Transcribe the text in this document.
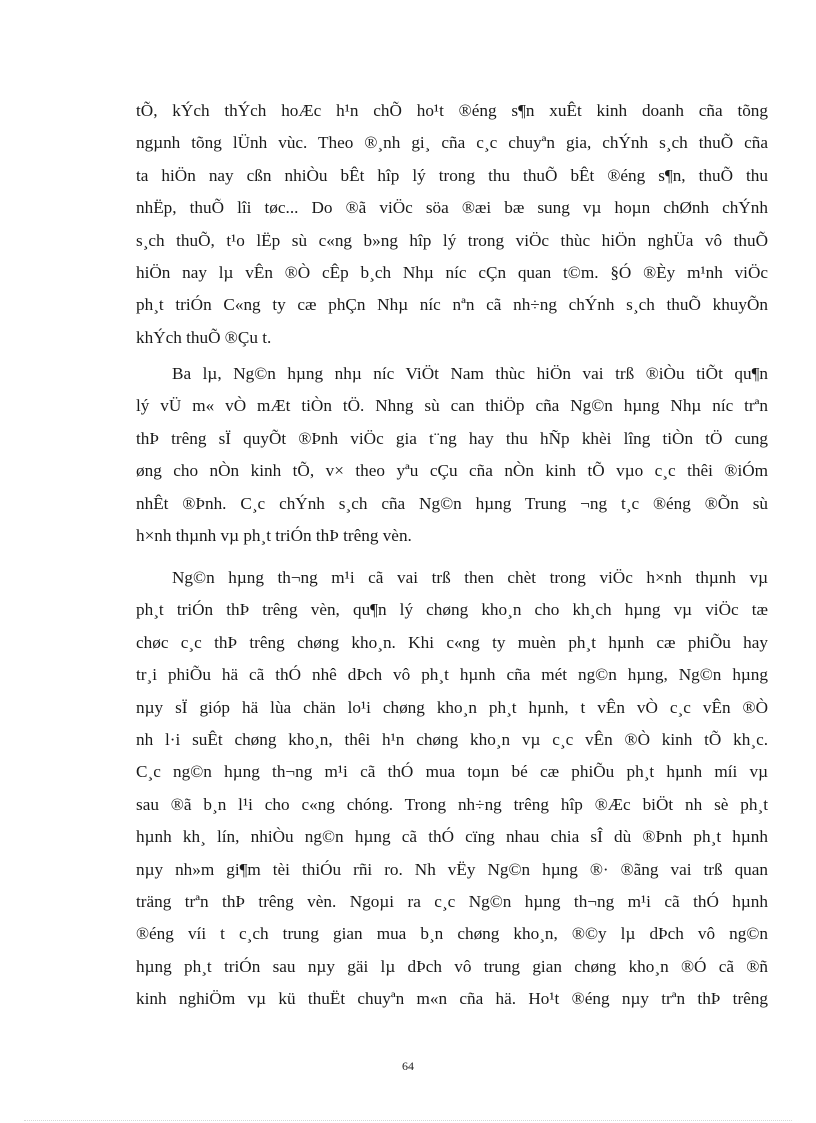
tÕ, kÝch thÝch hoÆc h¹n chÕ ho¹t ®éng s¶n xuÊt kinh doanh cña tõng
ngµnh tõng lÜnh vùc. Theo ®¸nh gi¸ cña c¸c chuyªn gia, chÝnh s¸ch thuÕ cña
ta hiÖn nay cßn nhiÒu bÊt hîp lý trong thu thuÕ bÊt ®éng s¶n, thuÕ thu
nhËp, thuÕ lîi tøc... Do ®ã viÖc söa ®æi bæ sung vµ hoµn chØnh chÝnh
s¸ch thuÕ, t¹o lËp sù c«ng b»ng hîp lý trong viÖc thùc hiÖn nghÜa vô thuÕ
hiÖn nay lµ vÊn ®Ò cÊp b¸ch Nhµ níc cÇn quan t©m. §Ó ®Èy m¹nh viÖc
ph¸t triÓn C«ng ty cæ phÇn Nhµ níc nªn cã nh÷ng chÝnh s¸ch thuÕ khuyÕn
khÝch thuÕ ®Çu t.
Ba lµ, Ng©n hµng nhµ níc ViÖt Nam thùc hiÖn vai trß ®iÒu tiÕt qu¶n
lý vÜ m« vÒ mÆt tiÒn tÖ. Nhng sù can thiÖp cña Ng©n hµng Nhµ níc trªn
thÞ trêng sÏ quyÕt ®Þnh viÖc gia t¨ng hay thu hÑp khèi lîng tiÒn tÖ cung
øng cho nÒn kinh tÕ, v× theo yªu cÇu cña nÒn kinh tÕ vµo c¸c thêi ®iÓm
nhÊt ®Þnh. C¸c chÝnh s¸ch cña Ng©n hµng Trung ¬ng t¸c ®éng ®Õn sù
h×nh thµnh vµ ph¸t triÓn thÞ trêng vèn.
Ng©n hµng th¬ng m¹i cã vai trß then chèt trong viÖc h×nh thµnh vµ
ph¸t triÓn thÞ trêng vèn, qu¶n lý chøng kho¸n cho kh¸ch hµng vµ viÖc tæ
chøc c¸c thÞ trêng chøng kho¸n. Khi c«ng ty muèn ph¸t hµnh cæ phiÕu hay
tr¸i phiÕu hä cã thÓ nhê dÞch vô ph¸t hµnh cña mét ng©n hµng, Ng©n hµng
nµy sÏ gióp hä lùa chän lo¹i chøng kho¸n ph¸t hµnh, t vÊn vÒ c¸c vÊn ®Ò
nh l·i suÊt chøng kho¸n, thêi h¹n chøng kho¸n vµ c¸c vÊn ®Ò kinh tÕ kh¸c.
C¸c ng©n hµng th¬ng m¹i cã thÓ mua toµn bé cæ phiÕu ph¸t hµnh míi vµ
sau ®ã b¸n l¹i cho c«ng chóng. Trong nh÷ng trêng hîp ®Æc biÖt nh sè ph¸t
hµnh kh¸ lín, nhiÒu ng©n hµng cã thÓ cïng nhau chia sÎ dù ®Þnh ph¸t hµnh
nµy nh»m gi¶m tèi thiÓu rñi ro. Nh vËy Ng©n hµng ®· ®ãng vai trß quan
träng trªn thÞ trêng vèn. Ngoµi ra c¸c Ng©n hµng th¬ng m¹i cã thÓ hµnh
®éng víi t c¸ch trung gian mua b¸n chøng kho¸n, ®©y lµ dÞch vô ng©n
hµng ph¸t triÓn sau nµy gäi lµ dÞch vô trung gian chøng kho¸n ®Ó cã ®ñ
kinh nghiÖm vµ kü thuËt chuyªn m«n cña hä. Ho¹t ®éng nµy trªn thÞ trêng
64
